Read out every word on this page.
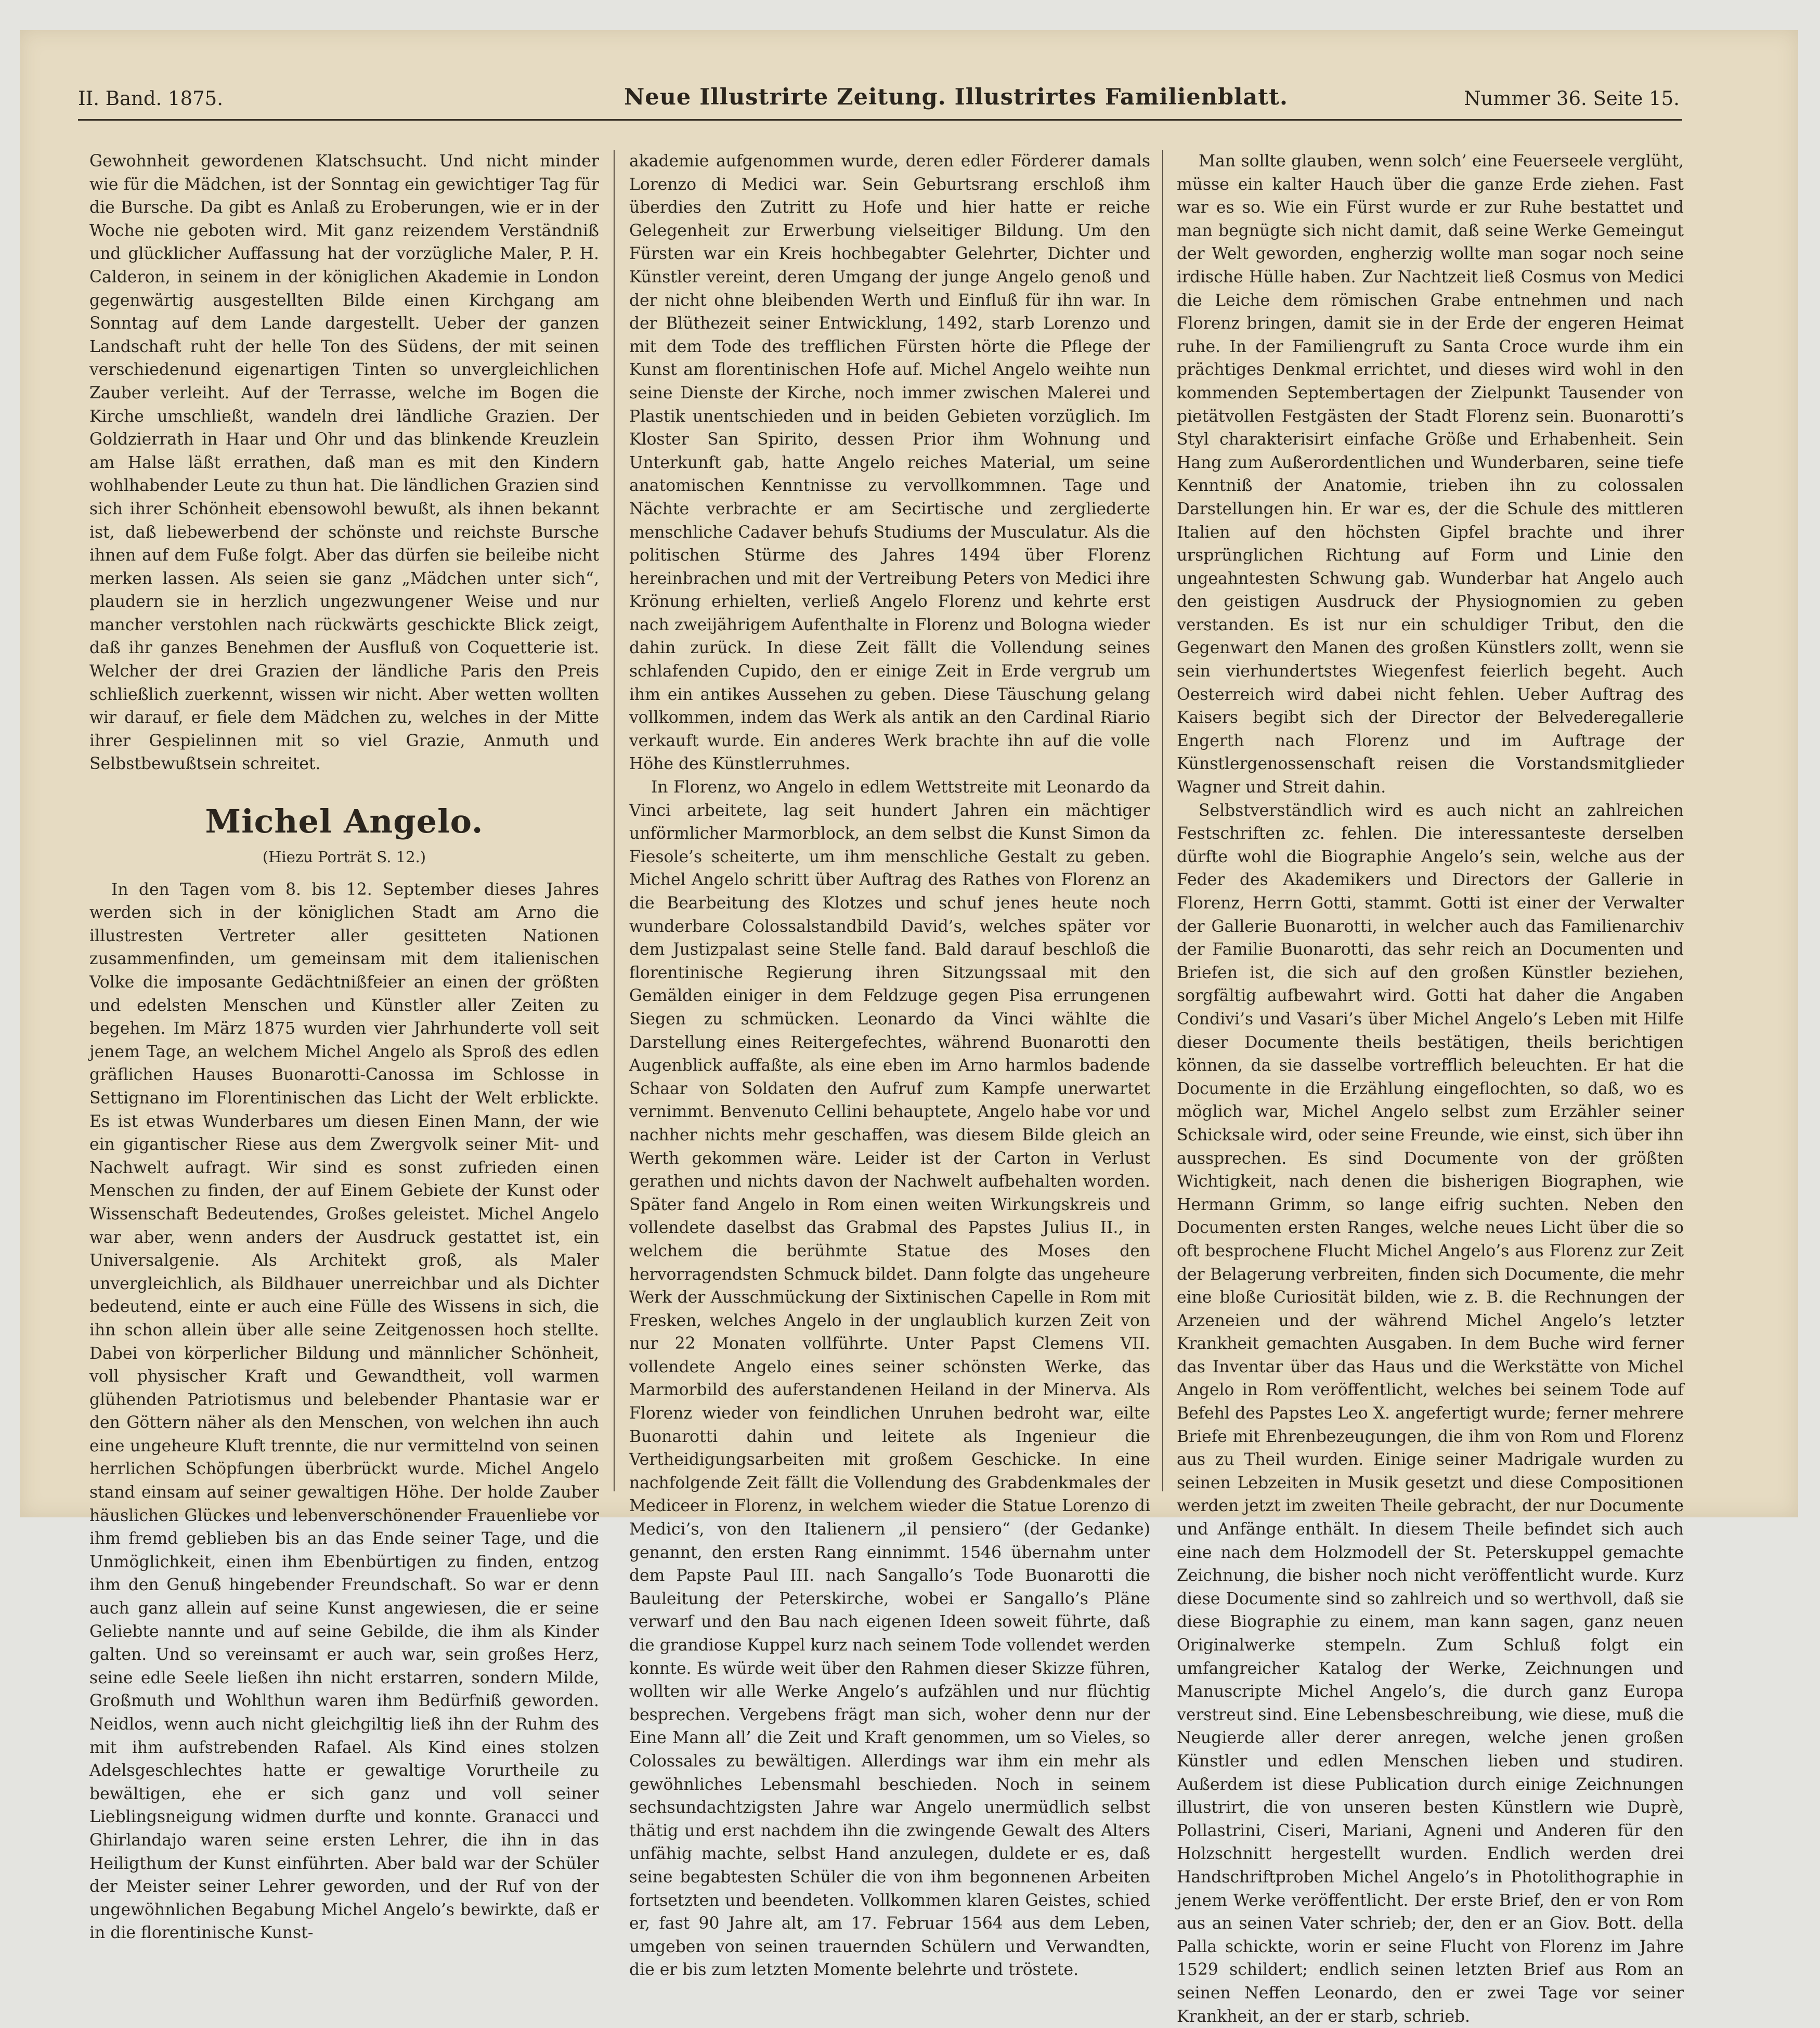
II. Band. 1875.	Neue Illustrirte Zeitung. Illustrirtes Familienblatt.	Nummer 36. Seite 15.

Gewohnheit gewordenen Klatschsucht. Und nicht minder wie für die Mädchen, ist der Sonntag ein gewichtiger Tag für die Bursche. Da gibt es Anlaß zu Eroberungen, wie er in der Woche nie geboten wird. Mit ganz reizendem Verständniß und glücklicher Auffassung hat der vorzügliche Maler, P. H. Calderon, in seinem in der königlichen Akademie in London gegenwärtig ausgestellten Bilde einen Kirchgang am Sonntag auf dem Lande dargestellt. Ueber der ganzen Landschaft ruht der helle Ton des Südens, der mit seinen verschiedenund eigenartigen Tinten so unvergleichlichen Zauber verleiht. Auf der Terrasse, welche im Bogen die Kirche umschließt, wandeln drei ländliche Grazien. Der Goldzierrath in Haar und Ohr und das blinkende Kreuzlein am Halse läßt errathen, daß man es mit den Kindern wohlhabender Leute zu thun hat. Die ländlichen Grazien sind sich ihrer Schönheit ebensowohl bewußt, als ihnen bekannt ist, daß liebewerbend der schönste und reichste Bursche ihnen auf dem Fuße folgt. Aber das dürfen sie beileibe nicht merken lassen. Als seien sie ganz „Mädchen unter sich“, plaudern sie in herzlich ungezwungener Weise und nur mancher verstohlen nach rückwärts geschickte Blick zeigt, daß ihr ganzes Benehmen der Ausfluß von Coquetterie ist. Welcher der drei Grazien der ländliche Paris den Preis schließlich zuerkennt, wissen wir nicht. Aber wetten wollten wir darauf, er fiele dem Mädchen zu, welches in der Mitte ihrer Gespielinnen mit so viel Grazie, Anmuth und Selbstbewußtsein schreitet.

Michel Angelo.

(Hiezu Porträt S. 12.)

In den Tagen vom 8. bis 12. September dieses Jahres werden sich in der königlichen Stadt am Arno die illustresten Vertreter aller gesitteten Nationen zusammenfinden, um gemeinsam mit dem italienischen Volke die imposante Gedächtnißfeier an einen der größten und edelsten Menschen und Künstler aller Zeiten zu begehen. Im März 1875 wurden vier Jahrhunderte voll seit jenem Tage, an welchem Michel Angelo als Sproß des edlen gräflichen Hauses Buonarotti-Canossa im Schlosse in Settignano im Florentinischen das Licht der Welt erblickte. Es ist etwas Wunderbares um diesen Einen Mann, der wie ein gigantischer Riese aus dem Zwergvolk seiner Mit- und Nachwelt aufragt. Wir sind es sonst zufrieden einen Menschen zu finden, der auf Einem Gebiete der Kunst oder Wissenschaft Bedeutendes, Großes geleistet. Michel Angelo war aber, wenn anders der Ausdruck gestattet ist, ein Universalgenie. Als Architekt groß, als Maler unvergleichlich, als Bildhauer unerreichbar und als Dichter bedeutend, einte er auch eine Fülle des Wissens in sich, die ihn schon allein über alle seine Zeitgenossen hoch stellte. Dabei von körperlicher Bildung und männlicher Schönheit, voll physischer Kraft und Gewandtheit, voll warmen glühenden Patriotismus und belebender Phantasie war er den Göttern näher als den Menschen, von welchen ihn auch eine ungeheure Kluft trennte, die nur vermittelnd von seinen herrlichen Schöpfungen überbrückt wurde. Michel Angelo stand einsam auf seiner gewaltigen Höhe. Der holde Zauber häuslichen Glückes und lebenverschönender Frauenliebe vor ihm fremd geblieben bis an das Ende seiner Tage, und die Unmöglichkeit, einen ihm Ebenbürtigen zu finden, entzog ihm den Genuß hingebender Freundschaft. So war er denn auch ganz allein auf seine Kunst angewiesen, die er seine Geliebte nannte und auf seine Gebilde, die ihm als Kinder galten. Und so vereinsamt er auch war, sein großes Herz, seine edle Seele ließen ihn nicht erstarren, sondern Milde, Großmuth und Wohlthun waren ihm Bedürfniß geworden. Neidlos, wenn auch nicht gleichgiltig ließ ihn der Ruhm des mit ihm aufstrebenden Rafael. Als Kind eines stolzen Adelsgeschlechtes hatte er gewaltige Vorurtheile zu bewältigen, ehe er sich ganz und voll seiner Lieblingsneigung widmen durfte und konnte. Granacci und Ghirlandajo waren seine ersten Lehrer, die ihn in das Heiligthum der Kunst einführten. Aber bald war der Schüler der Meister seiner Lehrer geworden, und der Ruf von der ungewöhnlichen Begabung Michel Angelo’s bewirkte, daß er in die florentinische Kunst-

akademie aufgenommen wurde, deren edler Förderer damals Lorenzo di Medici war. Sein Geburtsrang erschloß ihm überdies den Zutritt zu Hofe und hier hatte er reiche Gelegenheit zur Erwerbung vielseitiger Bildung. Um den Fürsten war ein Kreis hochbegabter Gelehrter, Dichter und Künstler vereint, deren Umgang der junge Angelo genoß und der nicht ohne bleibenden Werth und Einfluß für ihn war. In der Blüthezeit seiner Entwicklung, 1492, starb Lorenzo und mit dem Tode des trefflichen Fürsten hörte die Pflege der Kunst am florentinischen Hofe auf. Michel Angelo weihte nun seine Dienste der Kirche, noch immer zwischen Malerei und Plastik unentschieden und in beiden Gebieten vorzüglich. Im Kloster San Spirito, dessen Prior ihm Wohnung und Unterkunft gab, hatte Angelo reiches Material, um seine anatomischen Kenntnisse zu vervollkommnen. Tage und Nächte verbrachte er am Secirtische und zergliederte menschliche Cadaver behufs Studiums der Musculatur. Als die politischen Stürme des Jahres 1494 über Florenz hereinbrachen und mit der Vertreibung Peters von Medici ihre Krönung erhielten, verließ Angelo Florenz und kehrte erst nach zweijährigem Aufenthalte in Florenz und Bologna wieder dahin zurück. In diese Zeit fällt die Vollendung seines schlafenden Cupido, den er einige Zeit in Erde vergrub um ihm ein antikes Aussehen zu geben. Diese Täuschung gelang vollkommen, indem das Werk als antik an den Cardinal Riario verkauft wurde. Ein anderes Werk brachte ihn auf die volle Höhe des Künstlerruhmes.

In Florenz, wo Angelo in edlem Wettstreite mit Leonardo da Vinci arbeitete, lag seit hundert Jahren ein mächtiger unförmlicher Marmorblock, an dem selbst die Kunst Simon da Fiesole’s scheiterte, um ihm menschliche Gestalt zu geben. Michel Angelo schritt über Auftrag des Rathes von Florenz an die Bearbeitung des Klotzes und schuf jenes heute noch wunderbare Colossalstandbild David’s, welches später vor dem Justizpalast seine Stelle fand. Bald darauf beschloß die florentinische Regierung ihren Sitzungssaal mit den Gemälden einiger in dem Feldzuge gegen Pisa errungenen Siegen zu schmücken. Leonardo da Vinci wählte die Darstellung eines Reitergefechtes, während Buonarotti den Augenblick auffaßte, als eine eben im Arno harmlos badende Schaar von Soldaten den Aufruf zum Kampfe unerwartet vernimmt. Benvenuto Cellini behauptete, Angelo habe vor und nachher nichts mehr geschaffen, was diesem Bilde gleich an Werth gekommen wäre. Leider ist der Carton in Verlust gerathen und nichts davon der Nachwelt aufbehalten worden. Später fand Angelo in Rom einen weiten Wirkungskreis und vollendete daselbst das Grabmal des Papstes Julius II., in welchem die berühmte Statue des Moses den hervorragendsten Schmuck bildet. Dann folgte das ungeheure Werk der Ausschmückung der Sixtinischen Capelle in Rom mit Fresken, welches Angelo in der unglaublich kurzen Zeit von nur 22 Monaten vollführte. Unter Papst Clemens VII. vollendete Angelo eines seiner schönsten Werke, das Marmorbild des auferstandenen Heiland in der Minerva. Als Florenz wieder von feindlichen Unruhen bedroht war, eilte Buonarotti dahin und leitete als Ingenieur die Vertheidigungsarbeiten mit großem Geschicke. In eine nachfolgende Zeit fällt die Vollendung des Grabdenkmales der Mediceer in Florenz, in welchem wieder die Statue Lorenzo di Medici’s, von den Italienern „il pensiero“ (der Gedanke) genannt, den ersten Rang einnimmt. 1546 übernahm unter dem Papste Paul III. nach Sangallo’s Tode Buonarotti die Bauleitung der Peterskirche, wobei er Sangallo’s Pläne verwarf und den Bau nach eigenen Ideen soweit führte, daß die grandiose Kuppel kurz nach seinem Tode vollendet werden konnte. Es würde weit über den Rahmen dieser Skizze führen, wollten wir alle Werke Angelo’s aufzählen und nur flüchtig besprechen. Vergebens frägt man sich, woher denn nur der Eine Mann all’ die Zeit und Kraft genommen, um so Vieles, so Colossales zu bewältigen. Allerdings war ihm ein mehr als gewöhnliches Lebensmahl beschieden. Noch in seinem sechsundachtzigsten Jahre war Angelo unermüdlich selbst thätig und erst nachdem ihn die zwingende Gewalt des Alters unfähig machte, selbst Hand anzulegen, duldete er es, daß seine begabtesten Schüler die von ihm begonnenen Arbeiten fortsetzten und beendeten. Vollkommen klaren Geistes, schied er, fast 90 Jahre alt, am 17. Februar 1564 aus dem Leben, umgeben von seinen trauernden Schülern und Verwandten, die er bis zum letzten Momente belehrte und tröstete.

Man sollte glauben, wenn solch’ eine Feuerseele verglüht, müsse ein kalter Hauch über die ganze Erde ziehen. Fast war es so. Wie ein Fürst wurde er zur Ruhe bestattet und man begnügte sich nicht damit, daß seine Werke Gemeingut der Welt geworden, engherzig wollte man sogar noch seine irdische Hülle haben. Zur Nachtzeit ließ Cosmus von Medici die Leiche dem römischen Grabe entnehmen und nach Florenz bringen, damit sie in der Erde der engeren Heimat ruhe. In der Familiengruft zu Santa Croce wurde ihm ein prächtiges Denkmal errichtet, und dieses wird wohl in den kommenden Septembertagen der Zielpunkt Tausender von pietätvollen Festgästen der Stadt Florenz sein. Buonarotti’s Styl charakterisirt einfache Größe und Erhabenheit. Sein Hang zum Außerordentlichen und Wunderbaren, seine tiefe Kenntniß der Anatomie, trieben ihn zu colossalen Darstellungen hin. Er war es, der die Schule des mittleren Italien auf den höchsten Gipfel brachte und ihrer ursprünglichen Richtung auf Form und Linie den ungeahntesten Schwung gab. Wunderbar hat Angelo auch den geistigen Ausdruck der Physiognomien zu geben verstanden. Es ist nur ein schuldiger Tribut, den die Gegenwart den Manen des großen Künstlers zollt, wenn sie sein vierhundertstes Wiegenfest feierlich begeht. Auch Oesterreich wird dabei nicht fehlen. Ueber Auftrag des Kaisers begibt sich der Director der Belvederegallerie Engerth nach Florenz und im Auftrage der Künstlergenossenschaft reisen die Vorstandsmitglieder Wagner und Streit dahin.

Selbstverständlich wird es auch nicht an zahlreichen Festschriften zc. fehlen. Die interessanteste derselben dürfte wohl die Biographie Angelo’s sein, welche aus der Feder des Akademikers und Directors der Gallerie in Florenz, Herrn Gotti, stammt. Gotti ist einer der Verwalter der Gallerie Buonarotti, in welcher auch das Familienarchiv der Familie Buonarotti, das sehr reich an Documenten und Briefen ist, die sich auf den großen Künstler beziehen, sorgfältig aufbewahrt wird. Gotti hat daher die Angaben Condivi’s und Vasari’s über Michel Angelo’s Leben mit Hilfe dieser Documente theils bestätigen, theils berichtigen können, da sie dasselbe vortrefflich beleuchten. Er hat die Documente in die Erzählung eingeflochten, so daß, wo es möglich war, Michel Angelo selbst zum Erzähler seiner Schicksale wird, oder seine Freunde, wie einst, sich über ihn aussprechen. Es sind Documente von der größten Wichtigkeit, nach denen die bisherigen Biographen, wie Hermann Grimm, so lange eifrig suchten. Neben den Documenten ersten Ranges, welche neues Licht über die so oft besprochene Flucht Michel Angelo’s aus Florenz zur Zeit der Belagerung verbreiten, finden sich Documente, die mehr eine bloße Curiosität bilden, wie z. B. die Rechnungen der Arzeneien und der während Michel Angelo’s letzter Krankheit gemachten Ausgaben. In dem Buche wird ferner das Inventar über das Haus und die Werkstätte von Michel Angelo in Rom veröffentlicht, welches bei seinem Tode auf Befehl des Papstes Leo X. angefertigt wurde; ferner mehrere Briefe mit Ehrenbezeugungen, die ihm von Rom und Florenz aus zu Theil wurden. Einige seiner Madrigale wurden zu seinen Lebzeiten in Musik gesetzt und diese Compositionen werden jetzt im zweiten Theile gebracht, der nur Documente und Anfänge enthält. In diesem Theile befindet sich auch eine nach dem Holzmodell der St. Peterskuppel gemachte Zeichnung, die bisher noch nicht veröffentlicht wurde. Kurz diese Documente sind so zahlreich und so werthvoll, daß sie diese Biographie zu einem, man kann sagen, ganz neuen Originalwerke stempeln. Zum Schluß folgt ein umfangreicher Katalog der Werke, Zeichnungen und Manuscripte Michel Angelo’s, die durch ganz Europa verstreut sind. Eine Lebensbeschreibung, wie diese, muß die Neugierde aller derer anregen, welche jenen großen Künstler und edlen Menschen lieben und studiren. Außerdem ist diese Publication durch einige Zeichnungen illustrirt, die von unseren besten Künstlern wie Duprè, Pollastrini, Ciseri, Mariani, Agneni und Anderen für den Holzschnitt hergestellt wurden. Endlich werden drei Handschriftproben Michel Angelo’s in Photolithographie in jenem Werke veröffentlicht. Der erste Brief, den er von Rom aus an seinen Vater schrieb; der, den er an Giov. Bott. della Palla schickte, worin er seine Flucht von Florenz im Jahre 1529 schildert; endlich seinen letzten Brief aus Rom an seinen Neffen Leonardo, den er zwei Tage vor seiner Krankheit, an der er starb, schrieb.
